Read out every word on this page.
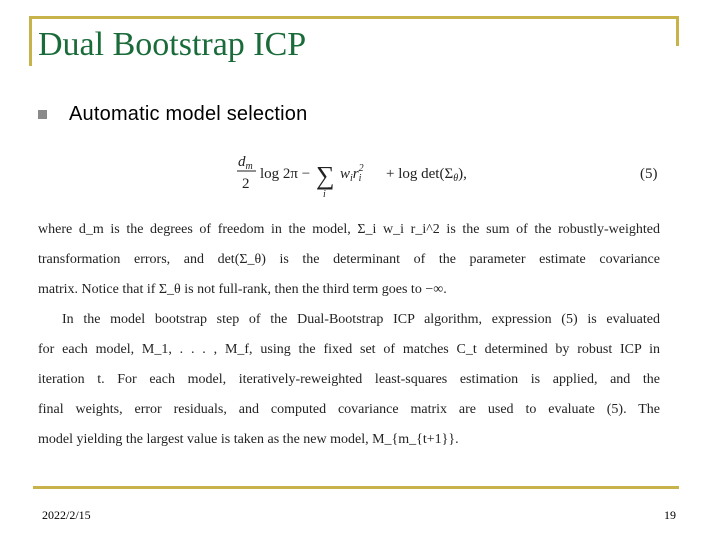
Dual Bootstrap ICP
Automatic model selection
$d_m$
2
log 2π − ∑
i
$w_ir^2$ $i + \log \det(\Sigma_\theta)$,	(5)

where d_m is the degrees of freedom in the model, Σ_i w_i r_i^2 is the sum of the robustly-weighted

transformation errors, and det(Σ_θ) is the determinant of the parameter estimate covariance

matrix. Notice that if Σ_θ is not full-rank, then the third term goes to −∞.

In the model bootstrap step of the Dual-Bootstrap ICP algorithm, expression (5) is evaluated

for each model, M_1, . . . , M_f, using the fixed set of matches C_t determined by robust ICP in

iteration t. For each model, iteratively-reweighted least-squares estimation is applied, and the

final weights, error residuals, and computed covariance matrix are used to evaluate (5). The

model yielding the largest value is taken as the new model, M_{m_{t+1}}.

2022/2/15	19
